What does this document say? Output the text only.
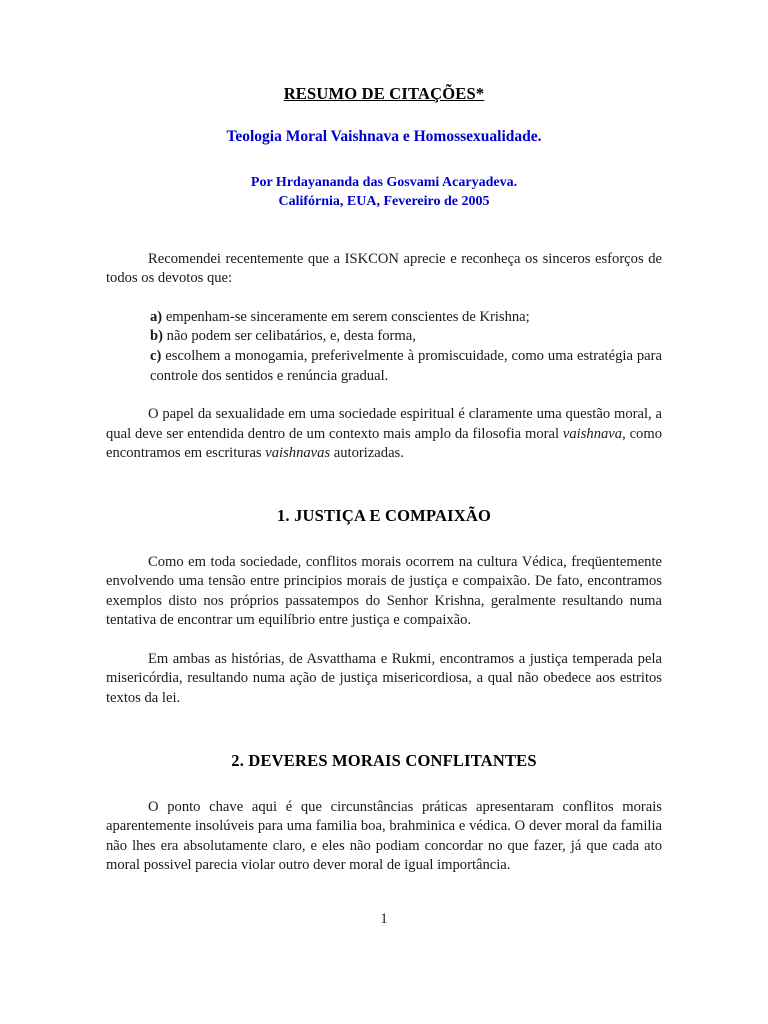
RESUMO DE CITAÇÕES*
Teologia Moral Vaishnava e Homossexualidade.

Por Hrdayananda das Gosvami Acaryadeva.
Califórnia, EUA, Fevereiro de 2005

Recomendei recentemente que a ISKCON aprecie e reconheça os sinceros esforços de todos os devotos que:

a) empenham-se sinceramente em serem conscientes de Krishna;

b) não podem ser celibatários, e, desta forma,

c) escolhem a monogamia, preferivelmente à promiscuidade, como uma estratégia para controle dos sentidos e renúncia gradual.

O papel da sexualidade em uma sociedade espiritual é claramente uma questão moral, a qual deve ser entendida dentro de um contexto mais amplo da filosofia moral vaishnava, como encontramos em escrituras vaishnavas autorizadas.

1. JUSTIÇA E COMPAIXÃO

Como em toda sociedade, conflitos morais ocorrem na cultura Védica, freqüentemente envolvendo uma tensão entre principios morais de justiça e compaixão. De fato, encontramos exemplos disto nos próprios passatempos do Senhor Krishna, geralmente resultando numa tentativa de encontrar um equilíbrio entre justiça e compaixão.

Em ambas as histórias, de Asvatthama e Rukmi, encontramos a justiça temperada pela misericórdia, resultando numa ação de justiça misericordiosa, a qual não obedece aos estritos textos da lei.

2. DEVERES MORAIS CONFLITANTES

O ponto chave aqui é que circunstâncias práticas apresentaram conflitos morais aparentemente insolúveis para uma familia boa, brahminica e védica. O dever moral da familia não lhes era absolutamente claro, e eles não podiam concordar no que fazer, já que cada ato moral possivel parecia violar outro dever moral de igual importância.

1
